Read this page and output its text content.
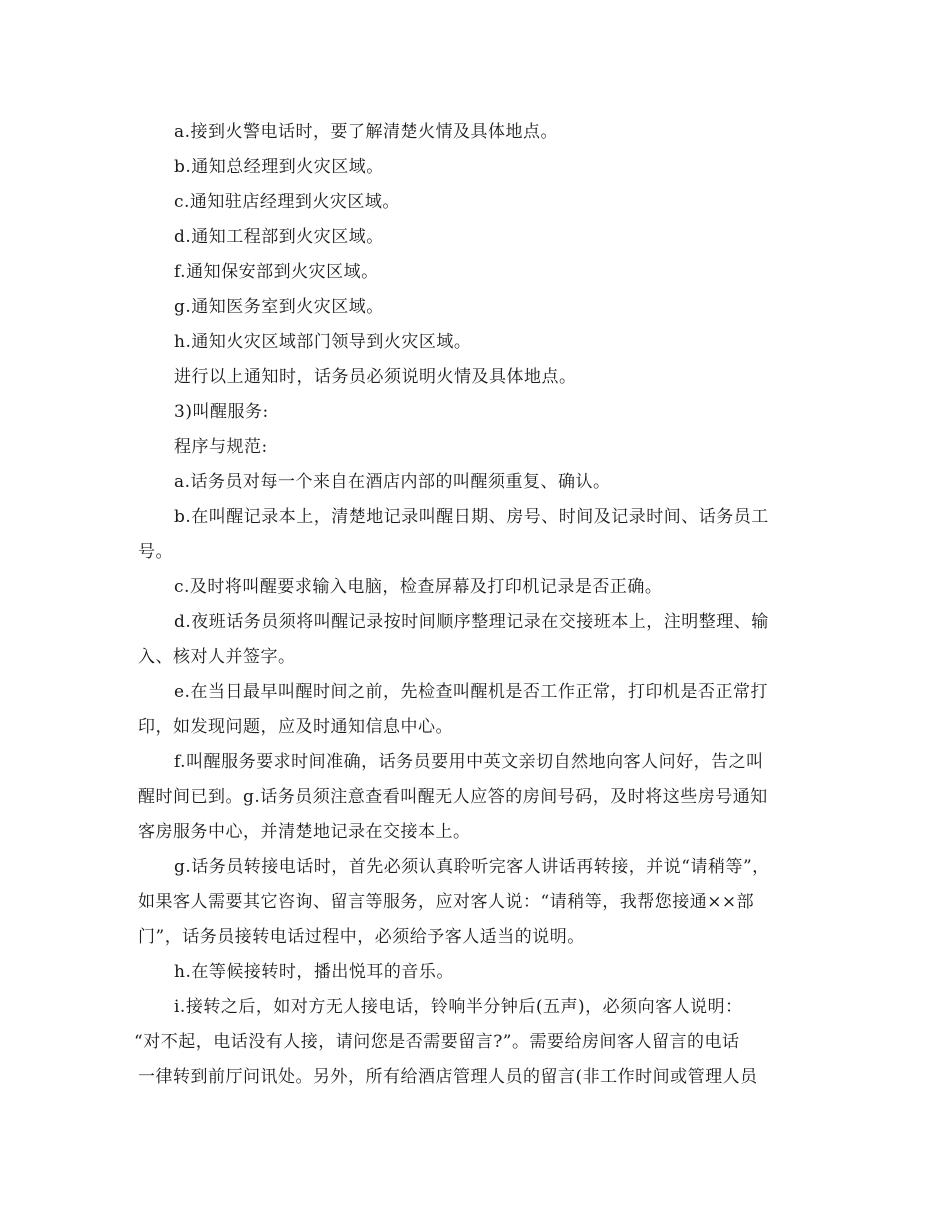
a.接到火警电话时，要了解清楚火情及具体地点。
b.通知总经理到火灾区域。
c.通知驻店经理到火灾区域。
d.通知工程部到火灾区域。
f.通知保安部到火灾区域。
g.通知医务室到火灾区域。
h.通知火灾区域部门领导到火灾区域。
进行以上通知时，话务员必须说明火情及具体地点。
3)叫醒服务:
程序与规范:
a.话务员对每一个来自在酒店内部的叫醒须重复、确认。
b.在叫醒记录本上，清楚地记录叫醒日期、房号、时间及记录时间、话务员工
号。
c.及时将叫醒要求输入电脑，检查屏幕及打印机记录是否正确。
d.夜班话务员须将叫醒记录按时间顺序整理记录在交接班本上，注明整理、输
入、核对人并签字。
e.在当日最早叫醒时间之前，先检查叫醒机是否工作正常，打印机是否正常打
印，如发现问题，应及时通知信息中心。
f.叫醒服务要求时间准确，话务员要用中英文亲切自然地向客人问好，告之叫
醒时间已到。g.话务员须注意查看叫醒无人应答的房间号码，及时将这些房号通知
客房服务中心，并清楚地记录在交接本上。
g.话务员转接电话时，首先必须认真聆听完客人讲话再转接，并说“请稍等”，
如果客人需要其它咨询、留言等服务，应对客人说：“请稍等，我帮您接通××部
门”，话务员接转电话过程中，必须给予客人适当的说明。
h.在等候接转时，播出悦耳的音乐。
i.接转之后，如对方无人接电话，铃响半分钟后(五声)，必须向客人说明：
“对不起，电话没有人接，请问您是否需要留言?”。需要给房间客人留言的电话
一律转到前厅问讯处。另外，所有给酒店管理人员的留言(非工作时间或管理人员
